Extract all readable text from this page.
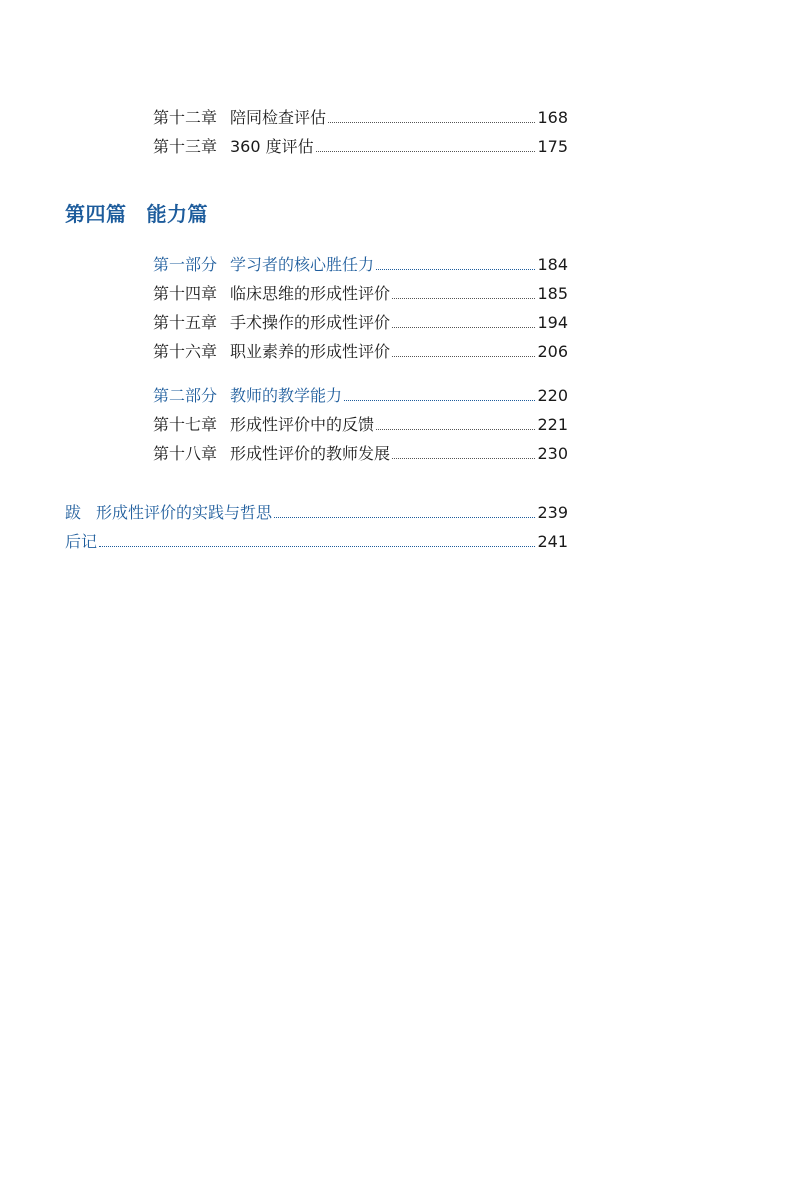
第十二章 陪同检查评估	168
第十三章 360 度评估	175
第四篇 能力篇
第一部分 学习者的核心胜任力	184
第十四章 临床思维的形成性评价	185
第十五章 手术操作的形成性评价	194
第十六章 职业素养的形成性评价	206
第二部分 教师的教学能力	220
第十七章 形成性评价中的反馈	221
第十八章 形成性评价的教师发展	230
跋 形成性评价的实践与哲思	239
后记	241
